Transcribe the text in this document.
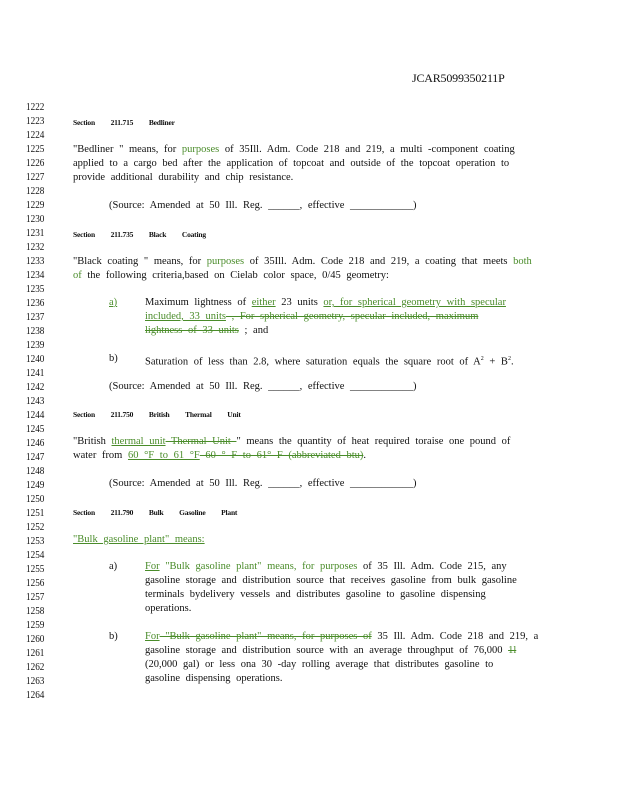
JCAR5099350211P
1222
1223
1224
1225
1226
1227
1228
1229
1230
1231
1232
1233
1234
1235
1236
1237
1238
1239
1240
1241
1242
1243
1244
1245
1246
1247
1248
1249
1250
1251
1252
1253
1254
1255
1256
1257
1258
1259
1260
1261
1262
1263
1264
Section 211.715 Bedliner
"Bedliner " means, for purposes of 35Ill. Adm. Code 218 and 219, a multi -component coating
applied to a cargo bed after the application of topcoat and outside of the topcoat operation to
provide additional durability and chip resistance.
(Source: Amended at 50 Ill. Reg. ______, effective ____________)
Section 211.735 Black Coating
"Black coating " means, for purposes of 35Ill. Adm. Code 218 and 219, a coating that meets both
of the following criteria,based on Cielab color space, 0/45 geometry:
a)	Maximum lightness of either 23 units or, for spherical geometry with specular
included, 33 units , For spherical geometry, specular included, maximum
lightness of 33 units ; and
b)	Saturation of less than 2.8, where saturation equals the square root of $A^2 + B^2$.
(Source: Amended at 50 Ill. Reg. ______, effective ____________)
Section 211.750 British Thermal Unit
"British thermal unit Thermal Unit " means the quantity of heat required toraise one pound of
water from 60 °F to 61 °F 60 ° F to 61° F (abbreviated btu).
(Source: Amended at 50 Ill. Reg. ______, effective ____________)
Section 211.790 Bulk Gasoline Plant
"Bulk gasoline plant" means:
a)	For "Bulk gasoline plant" means, for purposes of 35 Ill. Adm. Code 215, any
gasoline storage and distribution source that receives gasoline from bulk gasoline
terminals bydelivery vessels and distributes gasoline to gasoline dispensing
operations.
b)	For "Bulk gasoline plant" means, for purposes of 35 Ill. Adm. Code 218 and 219, a
gasoline storage and distribution source with an average throughput of 76,000 1l
(20,000 gal) or less ona 30 -day rolling average that distributes gasoline to
gasoline dispensing operations.
